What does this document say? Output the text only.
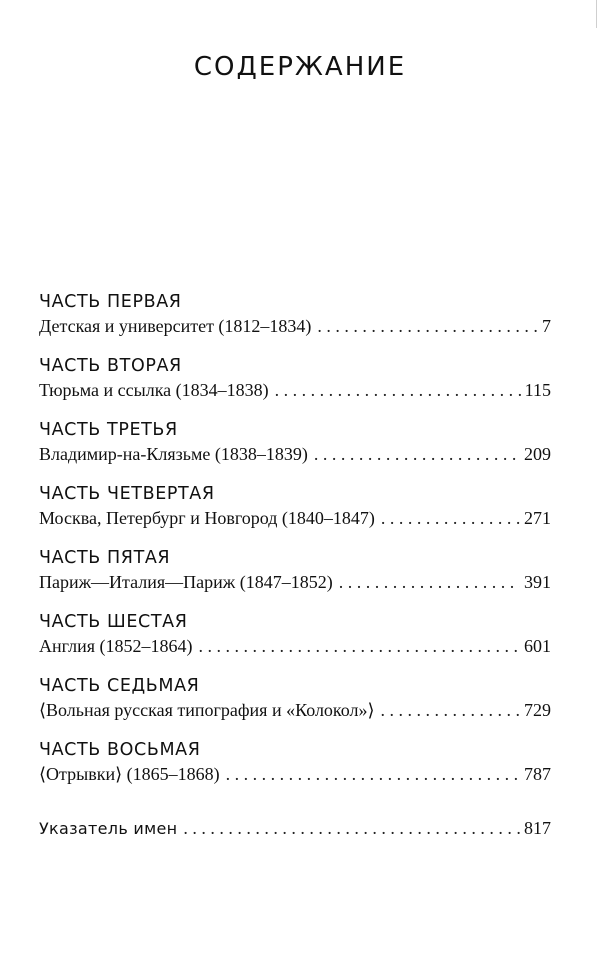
СОДЕРЖАНИЕ
ЧАСТЬ ПЕРВАЯ
Детская и университет (1812–1834) . . .	7
ЧАСТЬ ВТОРАЯ
Тюрьма и ссылка (1834–1838) . . .	115
ЧАСТЬ ТРЕТЬЯ
Владимир-на-Клязьме (1838–1839) . . .	209
ЧАСТЬ ЧЕТВЕРТАЯ
Москва, Петербург и Новгород (1840–1847) . . .	271
ЧАСТЬ ПЯТАЯ
Париж—Италия—Париж (1847–1852) . . .	391
ЧАСТЬ ШЕСТАЯ
Англия (1852–1864) . . .	601
ЧАСТЬ СЕДЬМАЯ
⟨Вольная русская типография и «Колокол»⟩ . . .	729
ЧАСТЬ ВОСЬМАЯ
⟨Отрывки⟩ (1865–1868) . . .	787
Указатель имен . . .	817
